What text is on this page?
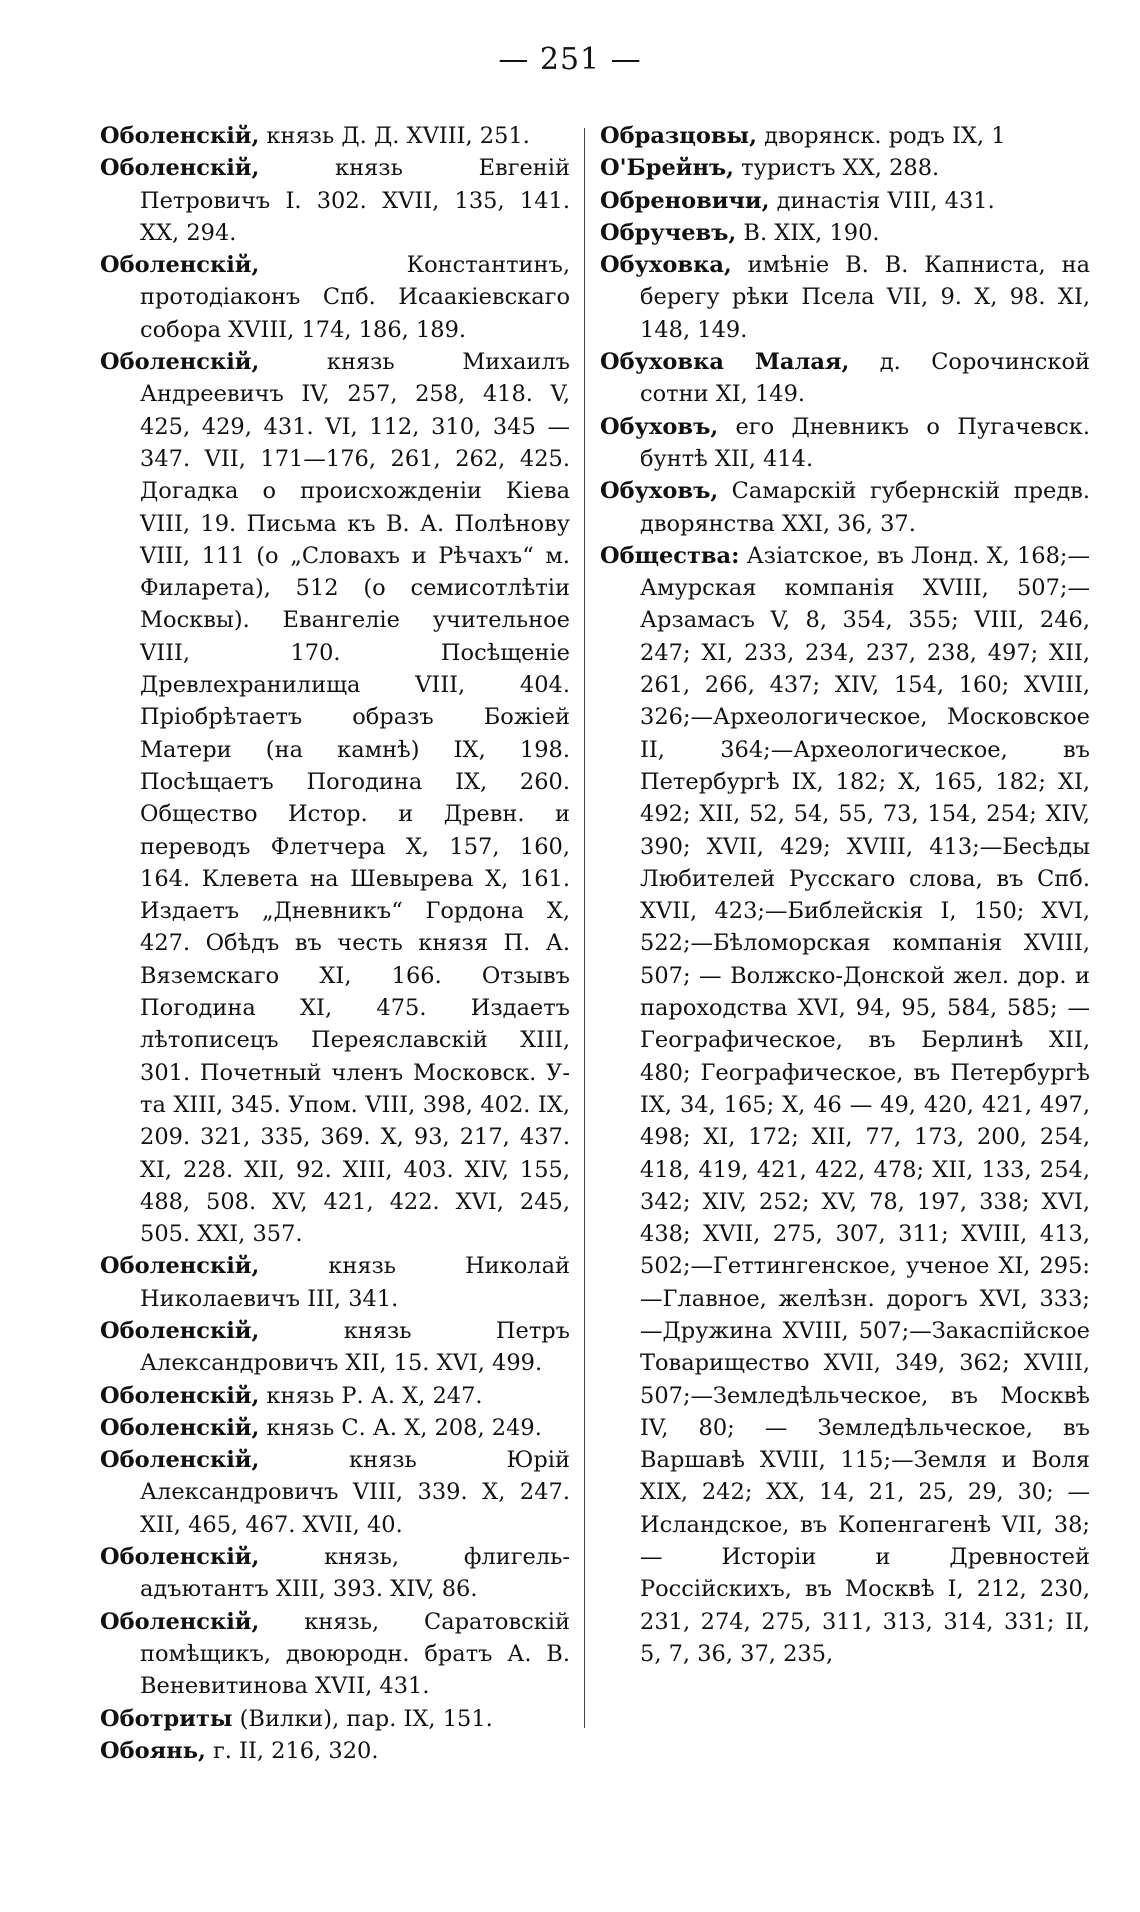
— 251 —

Оболенскій, князь Д. Д. XVIII, 251.

Оболенскій, князь Евгеній Петровичъ I. 302. XVII, 135, 141. XX, 294.

Оболенскій, Константинъ, протодіаконъ Спб. Исаакіевскаго собора XVIII, 174, 186, 189.

Оболенскій, князь Михаилъ Андреевичъ IV, 257, 258, 418. V, 425, 429, 431. VI, 112, 310, 345 — 347. VII, 171—176, 261, 262, 425. Догадка о происхожденіи Кіева VIII, 19. Письма къ В. А. Полѣнову VIII, 111 (о „Словахъ и Рѣчахъ“ м. Филарета), 512 (о семисотлѣтіи Москвы). Евангеліе учительное VIII, 170. Посѣщеніе Древлехранилища VIII, 404. Пріобрѣтаетъ образъ Божіей Матери (на камнѣ) IX, 198. Посѣщаетъ Погодина IX, 260. Общество Истор. и Древн. и переводъ Флетчера X, 157, 160, 164. Клевета на Шевырева X, 161. Издаетъ „Дневникъ“ Гордона X, 427. Обѣдъ въ честь князя П. А. Вяземскаго XI, 166. Отзывъ Погодина XI, 475. Издаетъ лѣтописецъ Переяславскій XIII, 301. Почетный членъ Московск. У-та XIII, 345. Упом. VIII, 398, 402. IX, 209. 321, 335, 369. X, 93, 217, 437. XI, 228. XII, 92. XIII, 403. XIV, 155, 488, 508. XV, 421, 422. XVI, 245, 505. XXI, 357.

Оболенскій, князь Николай Николаевичъ III, 341.

Оболенскій, князь Петръ Александровичъ XII, 15. XVI, 499.

Оболенскій, князь Р. А. X, 247.

Оболенскій, князь С. А. X, 208, 249.

Оболенскій, князь Юрій Александровичъ VIII, 339. X, 247. XII, 465, 467. XVII, 40.

Оболенскій, князь, флигель-адъютантъ XIII, 393. XIV, 86.

Оболенскій, князь, Саратовскій помѣщикъ, двоюродн. братъ А. В. Веневитинова XVII, 431.

Оботриты (Вилки), пар. IX, 151.

Обоянь, г. II, 216, 320.

Образцовы, дворянск. родъ IX, 1

О'Брейнъ, туристъ XX, 288.

Обреновичи, династія VIII, 431.

Обручевъ, В. XIX, 190.

Обуховка, имѣніе В. В. Капниста, на берегу рѣки Псела VII, 9. X, 98. XI, 148, 149.

Обуховка Малая, д. Сорочинской сотни XI, 149.

Обуховъ, его Дневникъ о Пугачевск. бунтѣ XII, 414.

Обуховъ, Самарскій губернскій предв. дворянства XXI, 36, 37.

Общества: Азіатское, въ Лонд. X, 168;—Амурская компанія XVIII, 507;—Арзамасъ V, 8, 354, 355; VIII, 246, 247; XI, 233, 234, 237, 238, 497; XII, 261, 266, 437; XIV, 154, 160; XVIII, 326;—Археологическое, Московское II, 364;—Археологическое, въ Петербургѣ IX, 182; X, 165, 182; XI, 492; XII, 52, 54, 55, 73, 154, 254; XIV, 390; XVII, 429; XVIII, 413;—Бесѣды Любителей Русскаго слова, въ Спб. XVII, 423;—Библейскія I, 150; XVI, 522;—Бѣломорская компанія XVIII, 507; — Волжско-Донской жел. дор. и пароходства XVI, 94, 95, 584, 585; — Географическое, въ Берлинѣ XII, 480; Географическое, въ Петербургѣ IX, 34, 165; X, 46 — 49, 420, 421, 497, 498; XI, 172; XII, 77, 173, 200, 254, 418, 419, 421, 422, 478; XII, 133, 254, 342; XIV, 252; XV, 78, 197, 338; XVI, 438; XVII, 275, 307, 311; XVIII, 413, 502;—Геттингенское, ученое XI, 295:—Главное, желѣзн. дорогъ XVI, 333;—Дружина XVIII, 507;—Закаспійское Товарищество XVII, 349, 362; XVIII, 507;—Земледѣльческое, въ Москвѣ IV, 80; — Земледѣльческое, въ Варшавѣ XVIII, 115;—Земля и Воля XIX, 242; XX, 14, 21, 25, 29, 30; — Исландское, въ Копенгагенѣ VII, 38; — Исторіи и Древностей Россійскихъ, въ Москвѣ I, 212, 230, 231, 274, 275, 311, 313, 314, 331; II, 5, 7, 36, 37, 235,
